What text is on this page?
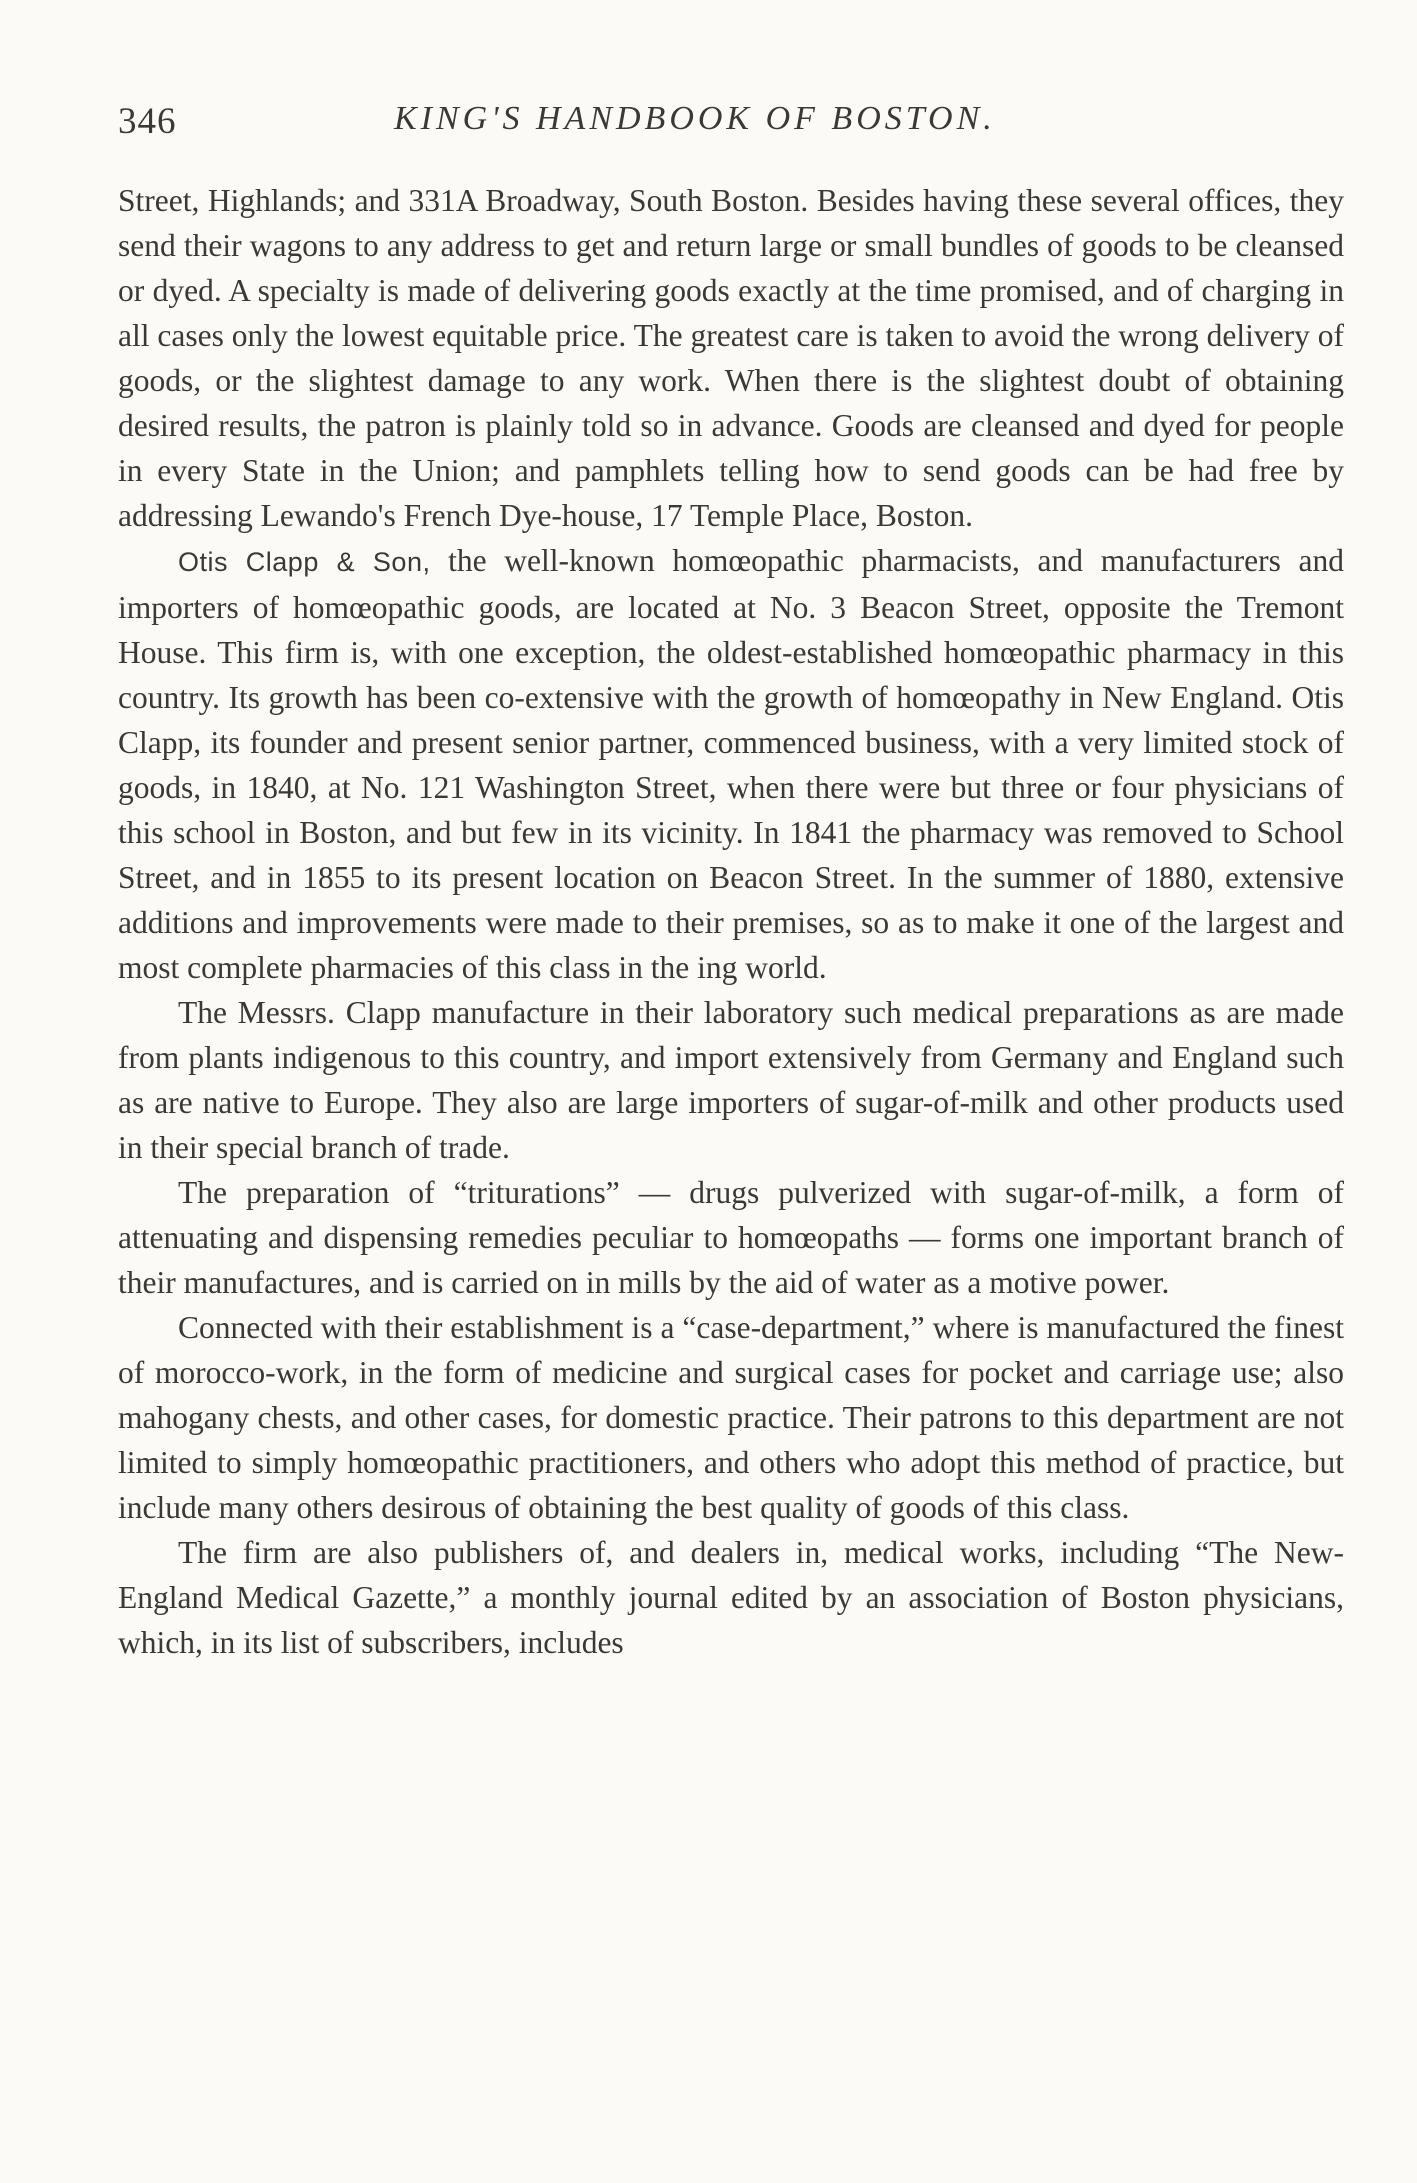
346	KING'S HANDBOOK OF BOSTON.

Street, Highlands; and 331A Broadway, South Boston. Besides having these several offices, they send their wagons to any address to get and return large or small bundles of goods to be cleansed or dyed. A specialty is made of delivering goods exactly at the time promised, and of charging in all cases only the lowest equitable price. The greatest care is taken to avoid the wrong delivery of goods, or the slightest damage to any work. When there is the slightest doubt of obtaining desired results, the patron is plainly told so in advance. Goods are cleansed and dyed for people in every State in the Union; and pamphlets telling how to send goods can be had free by addressing Lewando's French Dye-house, 17 Temple Place, Boston.

Otis Clapp & Son, the well-known homœopathic pharmacists, and manufacturers and importers of homœopathic goods, are located at No. 3 Beacon Street, opposite the Tremont House. This firm is, with one exception, the oldest-established homœopathic pharmacy in this country. Its growth has been co-extensive with the growth of homœopathy in New England. Otis Clapp, its founder and present senior partner, commenced business, with a very limited stock of goods, in 1840, at No. 121 Washington Street, when there were but three or four physicians of this school in Boston, and but few in its vicinity. In 1841 the pharmacy was removed to School Street, and in 1855 to its present location on Beacon Street. In the summer of 1880, extensive additions and improvements were made to their premises, so as to make it one of the largest and most complete pharmacies of this class in the ing world.

The Messrs. Clapp manufacture in their laboratory such medical preparations as are made from plants indigenous to this country, and import extensively from Germany and England such as are native to Europe. They also are large importers of sugar-of-milk and other products used in their special branch of trade.

The preparation of “triturations” — drugs pulverized with sugar-of-milk, a form of attenuating and dispensing remedies peculiar to homœopaths — forms one important branch of their manufactures, and is carried on in mills by the aid of water as a motive power.

Connected with their establishment is a “case-department,” where is manufactured the finest of morocco-work, in the form of medicine and surgical cases for pocket and carriage use; also mahogany chests, and other cases, for domestic practice. Their patrons to this department are not limited to simply homœopathic practitioners, and others who adopt this method of practice, but include many others desirous of obtaining the best quality of goods of this class.

The firm are also publishers of, and dealers in, medical works, including “The New-England Medical Gazette,” a monthly journal edited by an association of Boston physicians, which, in its list of subscribers, includes
